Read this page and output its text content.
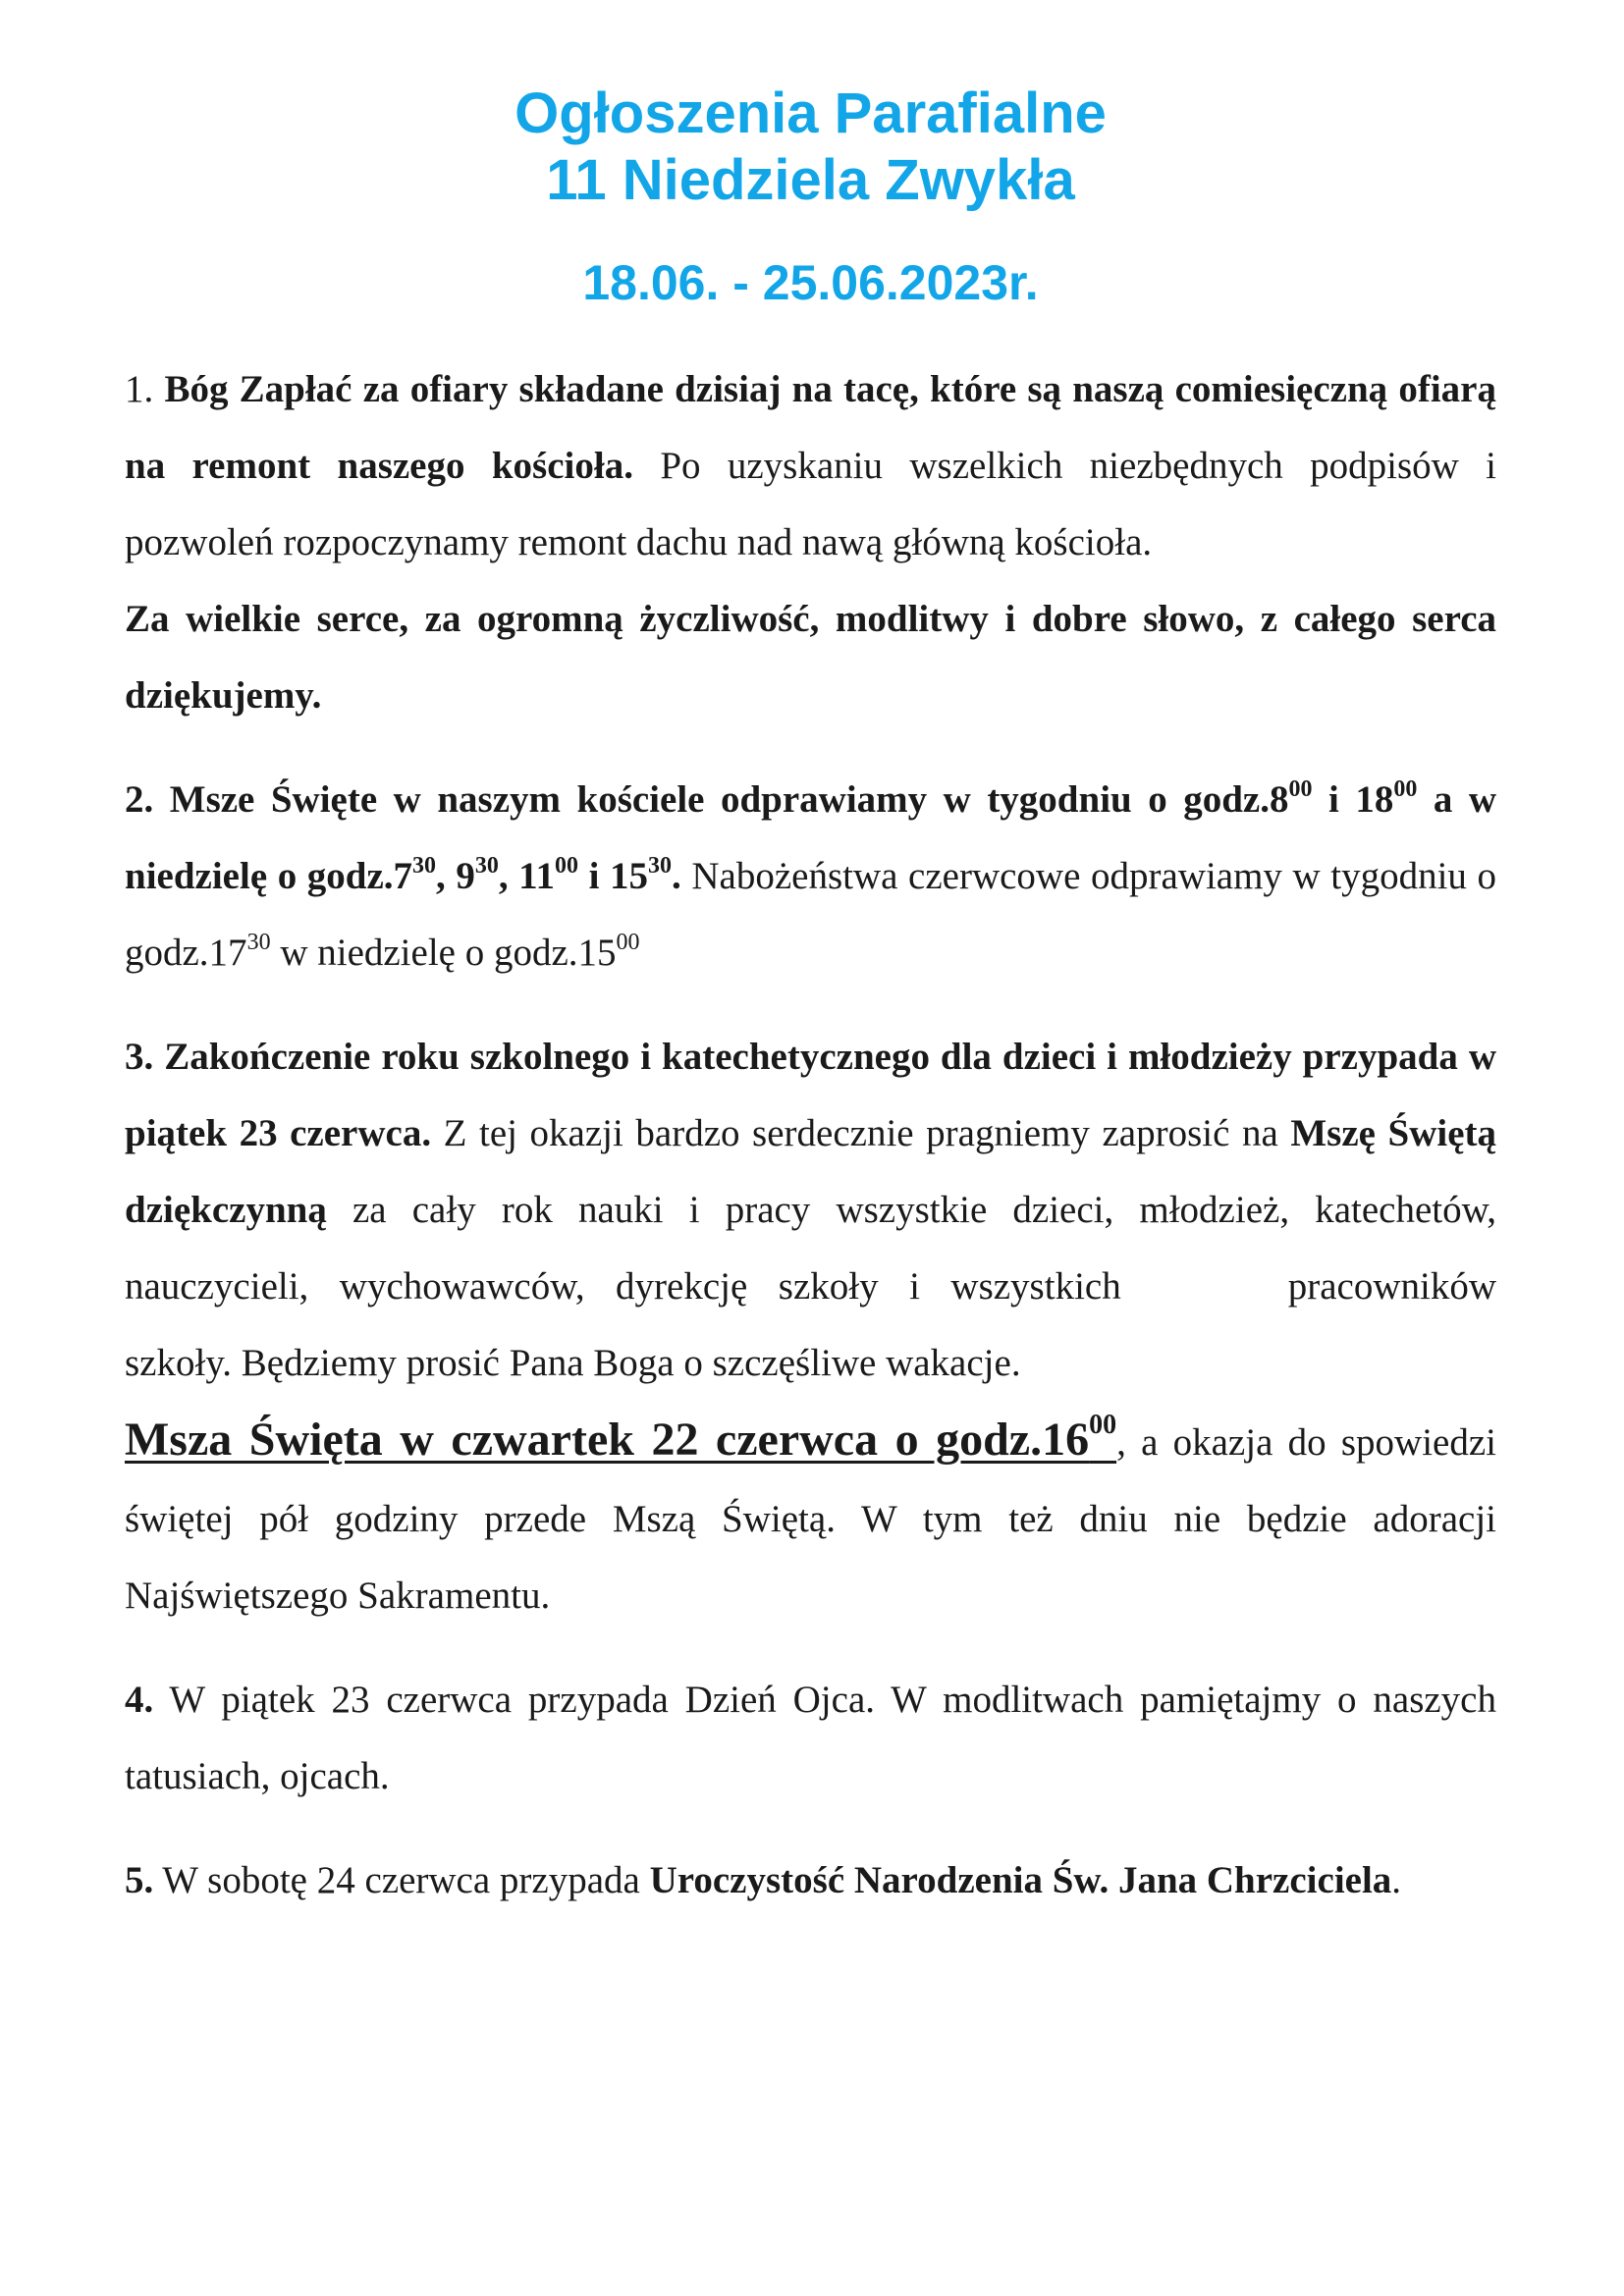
Ogłoszenia Parafialne
11 Niedziela Zwykła
18.06. - 25.06.2023r.
1. Bóg Zapłać za ofiary składane dzisiaj na tacę, które są naszą comiesięczną ofiarą na remont naszego kościoła. Po uzyskaniu wszelkich niezbędnych podpisów i pozwoleń rozpoczynamy remont dachu nad nawą główną kościoła.
Za wielkie serce, za ogromną życzliwość, modlitwy i dobre słowo, z całego serca dziękujemy.
2. Msze Święte w naszym kościele odprawiamy w tygodniu o $godz.8^{00}$ i $18^{00}$ a w niedzielę o $godz.7^{30}$, $9^{30}$, $11^{00}$ i $15^{30}$. Nabożeństwa czerwcowe odprawiamy w tygodniu o $godz.17^{30}$ w niedzielę o $godz.15^{00}$
3. Zakończenie roku szkolnego i katechetycznego dla dzieci i młodzieży przypada w piątek 23 czerwca. Z tej okazji bardzo serdecznie pragniemy zaprosić na Mszę Świętą dziękczynną za cały rok nauki i pracy wszystkie dzieci, młodzież, katechetów, nauczycieli, wychowawców, dyrekcję szkoły i wszystkich	pracowników szkoły. Będziemy prosić Pana Boga o szczęśliwe wakacje.
Msza Święta w czwartek 22 czerwca o $godz.16^{00}$, a okazja do spowiedzi świętej pół godziny przede Mszą Świętą. W tym też dniu nie będzie adoracji Najświętszego Sakramentu.
4. W piątek 23 czerwca przypada Dzień Ojca. W modlitwach pamiętajmy o naszych tatusiach, ojcach.
5. W sobotę 24 czerwca przypada Uroczystość Narodzenia Św. Jana Chrzciciela.
